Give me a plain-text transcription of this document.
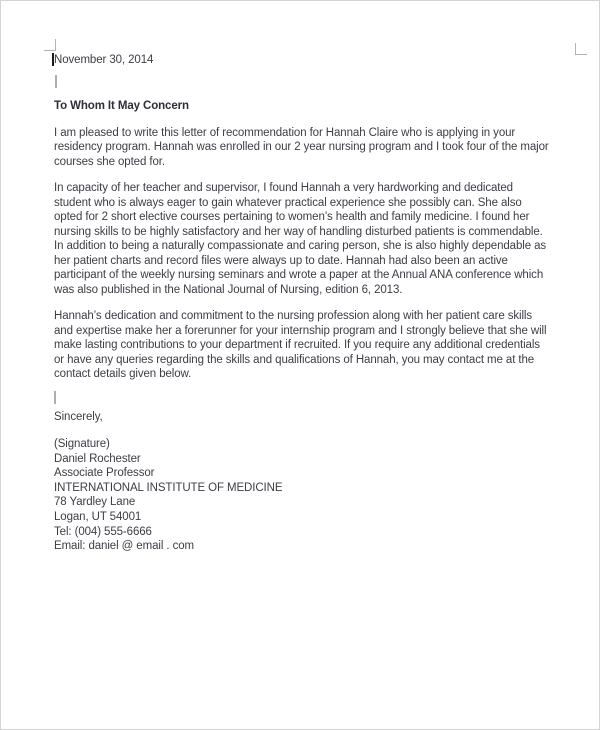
November 30, 2014
To Whom It May Concern

I am pleased to write this letter of recommendation for Hannah Claire who is applying in your residency program. Hannah was enrolled in our 2 year nursing program and I took four of the major courses she opted for.

In capacity of her teacher and supervisor, I found Hannah a very hardworking and dedicated student who is always eager to gain whatever practical experience she possibly can. She also opted for 2 short elective courses pertaining to women’s health and family medicine. I found her nursing skills to be highly satisfactory and her way of handling disturbed patients is commendable. In addition to being a naturally compassionate and caring person, she is also highly dependable as her patient charts and record files were always up to date. Hannah had also been an active participant of the weekly nursing seminars and wrote a paper at the Annual ANA conference which was also published in the National Journal of Nursing, edition 6, 2013.

Hannah’s dedication and commitment to the nursing profession along with her patient care skills and expertise make her a forerunner for your internship program and I strongly believe that she will make lasting contributions to your department if recruited. If you require any additional credentials or have any queries regarding the skills and qualifications of Hannah, you may contact me at the contact details given below.

Sincerely,

(Signature)
Daniel Rochester
Associate Professor
INTERNATIONAL INSTITUTE OF MEDICINE
78 Yardley Lane
Logan, UT 54001
Tel: (004) 555-6666
Email: daniel @ email . com
